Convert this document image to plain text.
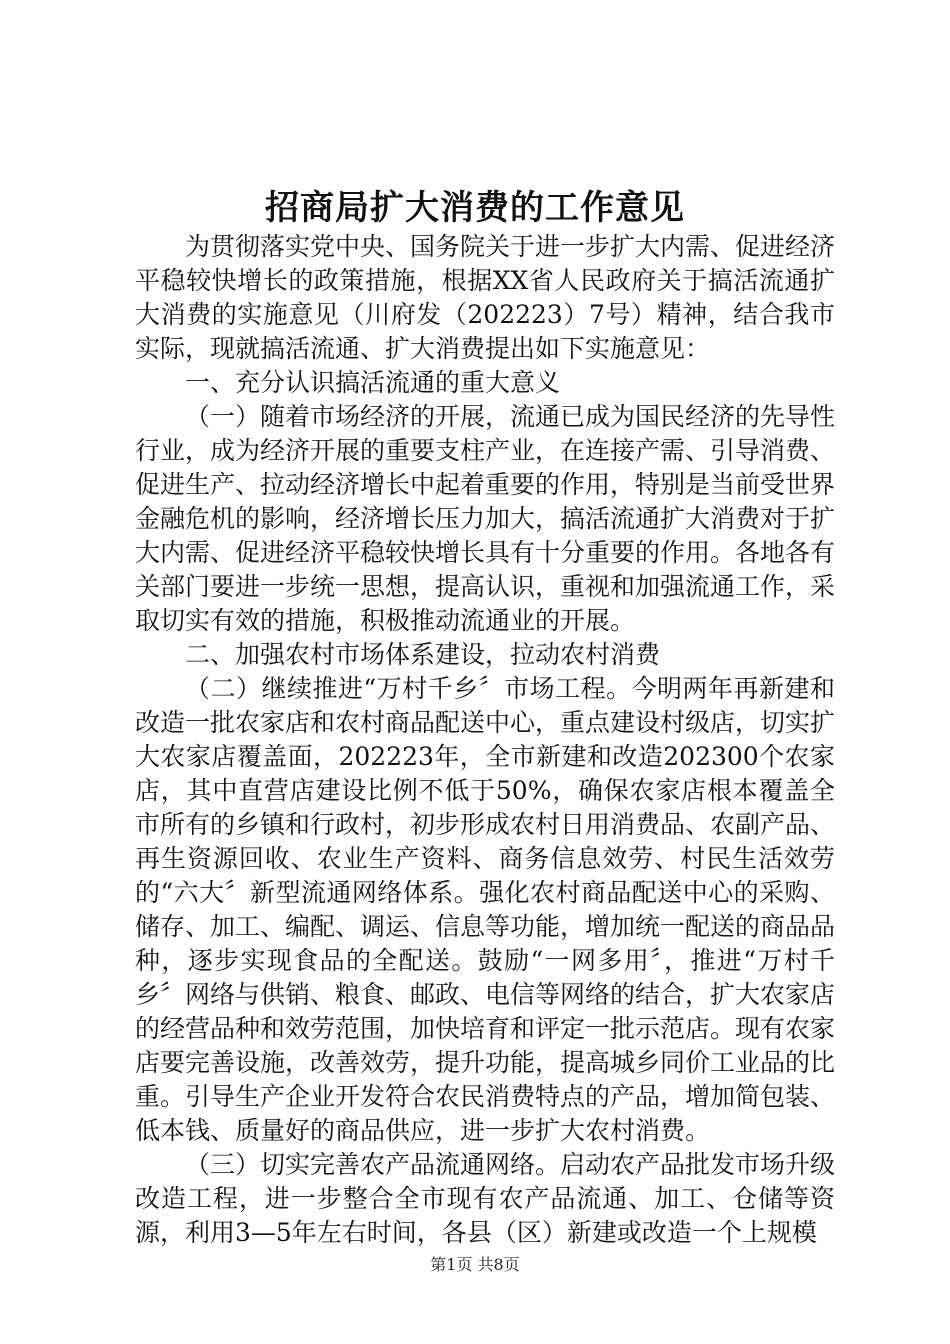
招商局扩大消费的工作意见

为贯彻落实党中央、国务院关于进一步扩大内需、促进经济平稳较快增长的政策措施，根据XX省人民政府关于搞活流通扩大消费的实施意见（川府发（202223）7号）精神，结合我市实际，现就搞活流通、扩大消费提出如下实施意见：

一、充分认识搞活流通的重大意义

（一）随着市场经济的开展，流通已成为国民经济的先导性行业，成为经济开展的重要支柱产业，在连接产需、引导消费、促进生产、拉动经济增长中起着重要的作用，特别是当前受世界金融危机的影响，经济增长压力加大，搞活流通扩大消费对于扩大内需、促进经济平稳较快增长具有十分重要的作用。各地各有关部门要进一步统一思想，提高认识，重视和加强流通工作，采取切实有效的措施，积极推动流通业的开展。

二、加强农村市场体系建设，拉动农村消费

（二）继续推进“万村千乡〞市场工程。今明两年再新建和改造一批农家店和农村商品配送中心，重点建设村级店，切实扩大农家店覆盖面，202223年，全市新建和改造202300个农家店，其中直营店建设比例不低于50%，确保农家店根本覆盖全市所有的乡镇和行政村，初步形成农村日用消费品、农副产品、再生资源回收、农业生产资料、商务信息效劳、村民生活效劳的“六大〞新型流通网络体系。强化农村商品配送中心的采购、储存、加工、编配、调运、信息等功能，增加统一配送的商品品种，逐步实现食品的全配送。鼓励“一网多用〞，推进“万村千乡〞网络与供销、粮食、邮政、电信等网络的结合，扩大农家店的经营品种和效劳范围，加快培育和评定一批示范店。现有农家店要完善设施，改善效劳，提升功能，提高城乡同价工业品的比重。引导生产企业开发符合农民消费特点的产品，增加简包装、低本钱、质量好的商品供应，进一步扩大农村消费。

（三）切实完善农产品流通网络。启动农产品批发市场升级改造工程，进一步整合全市现有农产品流通、加工、仓储等资源，利用3—5年左右时间，各县（区）新建或改造一个上规模

第1页 共8页
